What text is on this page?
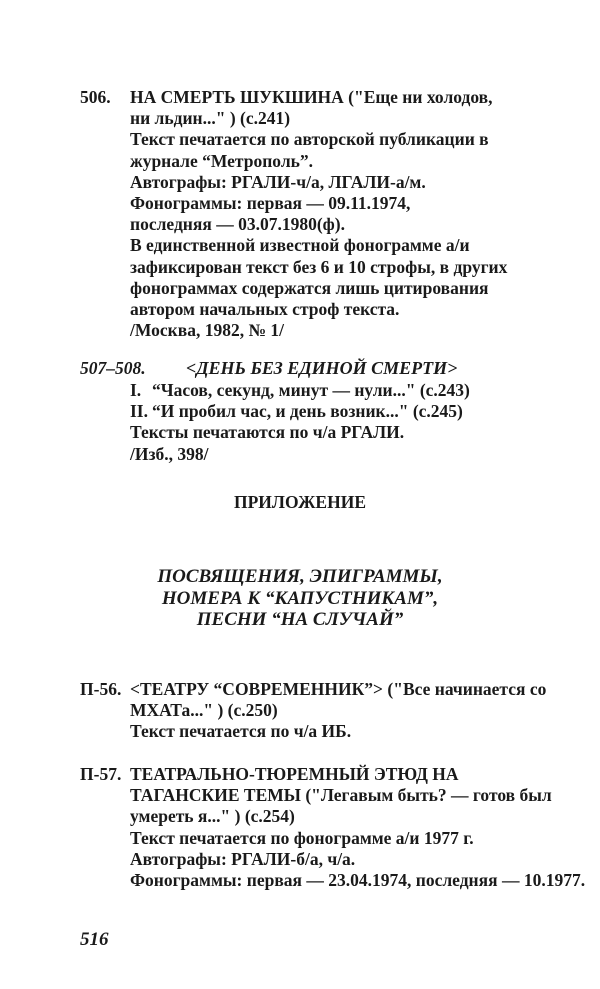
506. НА СМЕРТЬ ШУКШИНА ("Еще ни холодов,
ни льдин..." ) (с.241)
Текст печатается по авторской публикации в
журнале “Метрополь”.
Автографы: РГАЛИ-ч/а, ЛГАЛИ-а/м.
Фонограммы: первая — 09.11.1974,
последняя — 03.07.1980(ф).
В единственной известной фонограмме а/и
зафиксирован текст без 6 и 10 строфы, в других
фонограммах содержатся лишь цитирования
автором начальных строф текста.
/Москва, 1982, № 1/
507–508. <ДЕНЬ БЕЗ ЕДИНОЙ СМЕРТИ>
I. “Часов, секунд, минут — нули..." (с.243)
II. “И пробил час, и день возник..." (с.245)
Тексты печатаются по ч/а РГАЛИ.
/Изб., 398/
ПРИЛОЖЕНИЕ
ПОСВЯЩЕНИЯ, ЭПИГРАММЫ,
НОМЕРА К “КАПУСТНИКАМ”,
ПЕСНИ “НА СЛУЧАЙ”
П-56. <ТЕАТРУ “СОВРЕМЕННИК”> ("Все начинается со
МХАТа..." ) (с.250)
Текст печатается по ч/а ИБ.
П-57. ТЕАТРАЛЬНО-ТЮРЕМНЫЙ ЭТЮД НА
ТАГАНСКИЕ ТЕМЫ ("Легавым быть? — готов был
умереть я..." ) (с.254)
Текст печатается по фонограмме а/и 1977 г.
Автографы: РГАЛИ-б/а, ч/а.
Фонограммы: первая — 23.04.1974, последняя — 10.1977.
516
